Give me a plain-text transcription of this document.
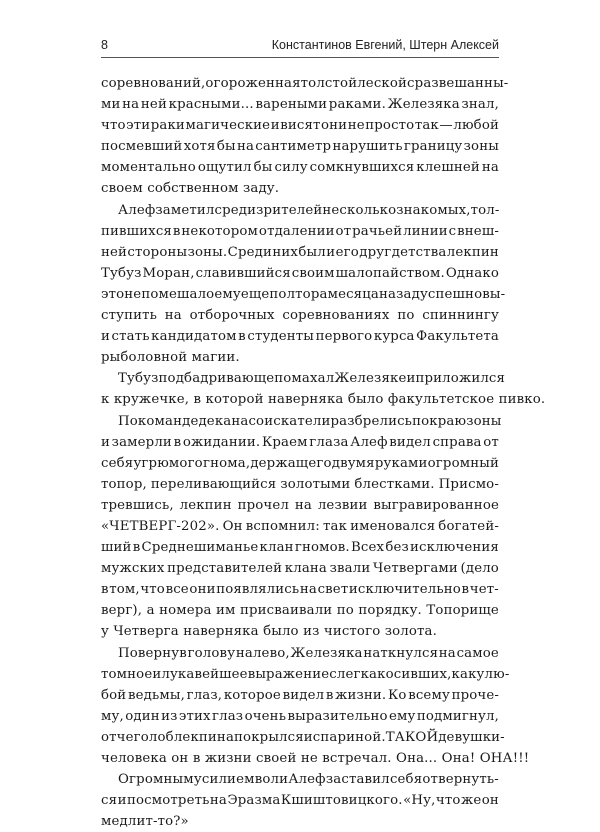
8	Константинов Евгений, Штерн Алексей
соревнований, огороженная толстой леской с развешанны-
ми на ней красными... вареными раками. Железяка знал,
что эти раки магические и висят они не просто так — любой
посмевший хотя бы на сантиметр нарушить границу зоны
моментально ощутил бы силу сомкнувшихся клешней на
своем собственном заду.
Алеф заметил среди зрителей несколько знакомых, тол-
пившихся в некотором отдалении от рачьей линии с внеш-
ней стороны зоны. Среди них был и его друг детства лекпин
Тубуз Моран, славившийся своим шалопайством. Однако
это не помешало ему еще полтора месяца назад успешно вы-
ступить на отборочных соревнованиях по спиннингу
и стать кандидатом в студенты первого курса Факультета
рыболовной магии.
Тубуз подбадривающе помахал Железяке и приложился
к кружечке, в которой наверняка было факультетское пивко.
По команде декана соискатели разбрелись по краю зоны
и замерли в ожидании. Краем глаза Алеф видел справа от
себя угрюмого гнома, держащего двумя руками огромный
топор, переливающийся золотыми блестками. Присмо-
тревшись, лекпин прочел на лезвии выгравированное
«ЧЕТВЕРГ-202». Он вспомнил: так именовался богатей-
ший в Среднешиманье клан гномов. Всех без исключения
мужских представителей клана звали Четвергами (дело
в том, что все они появлялись на свет исключительно в чет-
верг), а номера им присваивали по порядку. Топорище
у Четверга наверняка было из чистого золота.
Повернув голову налево, Железяка наткнулся на самое
томное и лукавейшее выражение слегка косивших, как у лю-
бой ведьмы, глаз, которое видел в жизни. Ко всему проче-
му, один из этих глаз очень выразительно ему подмигнул,
отчего лоб лекпина покрылся испариной. ТАКОЙ девушки-
человека он в жизни своей не встречал. Она... Она! ОНА!!!
Огромным усилием воли Алеф заставил себя отвернуть-
ся и посмотреть на Эразма Кшиштовицкого. «Ну, что же он
медлит-то?»
